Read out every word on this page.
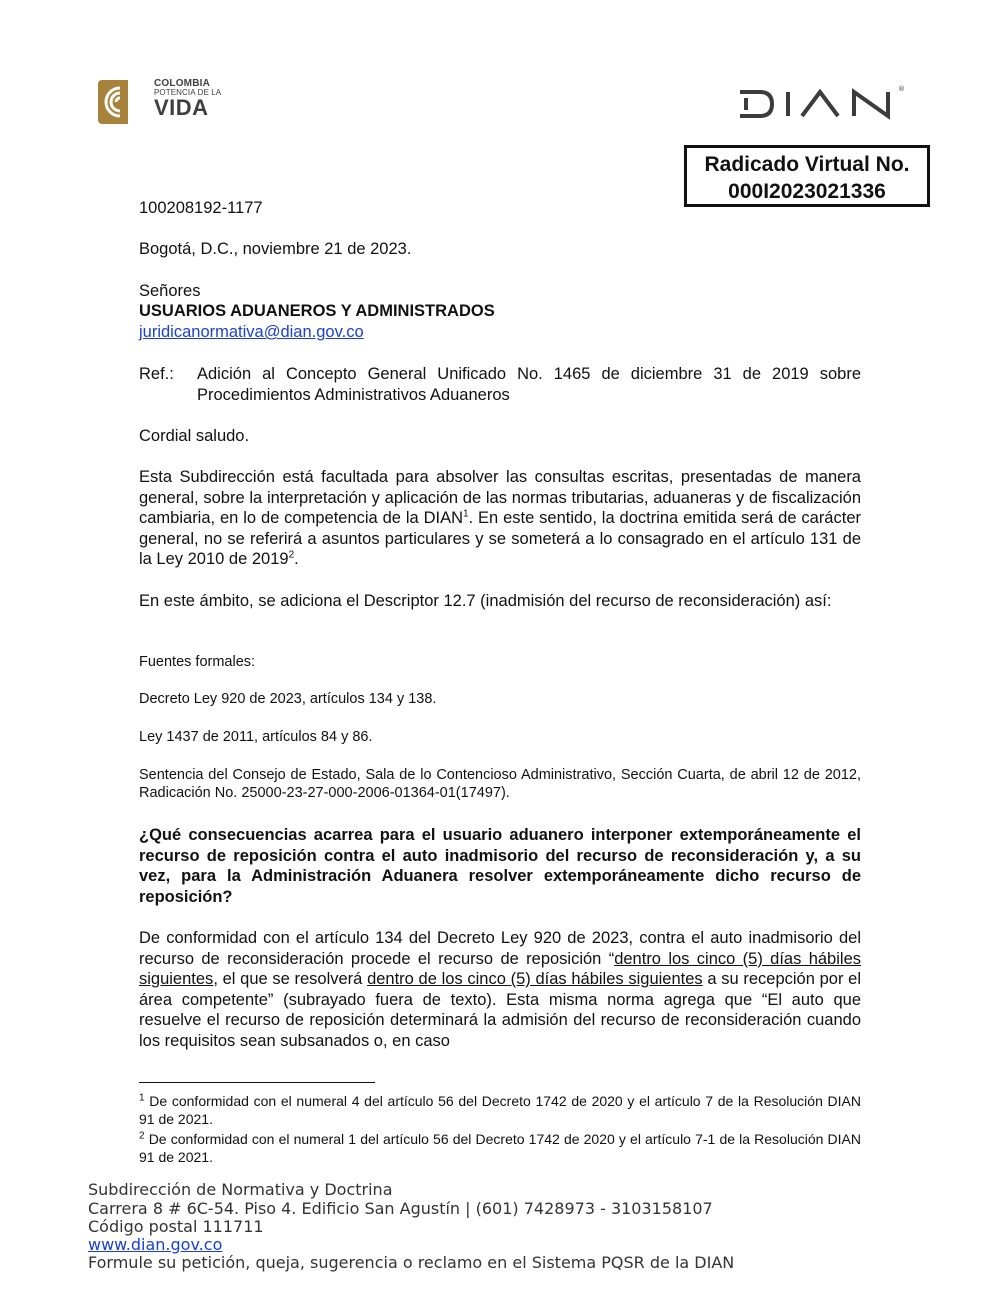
COLOMBIA
POTENCIA DE LA
VIDA
®
Radicado Virtual No.
000I2023021336
100208192-1177
Bogotá, D.C., noviembre 21 de 2023.
Señores
USUARIOS ADUANEROS Y ADMINISTRADOS
juridicanormativa@dian.gov.co
Ref.: Adición al Concepto General Unificado No. 1465 de diciembre 31 de 2019 sobre Procedimientos Administrativos Aduaneros
Cordial saludo.
Esta Subdirección está facultada para absolver las consultas escritas, presentadas de manera general, sobre la interpretación y aplicación de las normas tributarias, aduaneras y de fiscalización cambiaria, en lo de competencia de la DIAN$^1$. En este sentido, la doctrina emitida será de carácter general, no se referirá a asuntos particulares y se someterá a lo consagrado en el artículo 131 de la Ley 2010 de 2019$^2$.
En este ámbito, se adiciona el Descriptor 12.7 (inadmisión del recurso de reconsideración) así:
Fuentes formales:
Decreto Ley 920 de 2023, artículos 134 y 138.
Ley 1437 de 2011, artículos 84 y 86.
Sentencia del Consejo de Estado, Sala de lo Contencioso Administrativo, Sección Cuarta, de abril 12 de 2012, Radicación No. 25000-23-27-000-2006-01364-01(17497).
¿Qué consecuencias acarrea para el usuario aduanero interponer extemporáneamente el recurso de reposición contra el auto inadmisorio del recurso de reconsideración y, a su vez, para la Administración Aduanera resolver extemporáneamente dicho recurso de reposición?
De conformidad con el artículo 134 del Decreto Ley 920 de 2023, contra el auto inadmisorio del recurso de reconsideración procede el recurso de reposición “dentro los cinco (5) días hábiles siguientes, el que se resolverá dentro de los cinco (5) días hábiles siguientes a su recepción por el área competente” (subrayado fuera de texto). Esta misma norma agrega que “El auto que resuelve el recurso de reposición determinará la admisión del recurso de reconsideración cuando los requisitos sean subsanados o, en caso
$^1$ De conformidad con el numeral 4 del artículo 56 del Decreto 1742 de 2020 y el artículo 7 de la Resolución DIAN 91 de 2021.
$^2$ De conformidad con el numeral 1 del artículo 56 del Decreto 1742 de 2020 y el artículo 7-1 de la Resolución DIAN 91 de 2021.
Subdirección de Normativa y Doctrina
Carrera 8 # 6C-54. Piso 4. Edificio San Agustín | (601) 7428973 - 3103158107
Código postal 111711
www.dian.gov.co
Formule su petición, queja, sugerencia o reclamo en el Sistema PQSR de la DIAN
